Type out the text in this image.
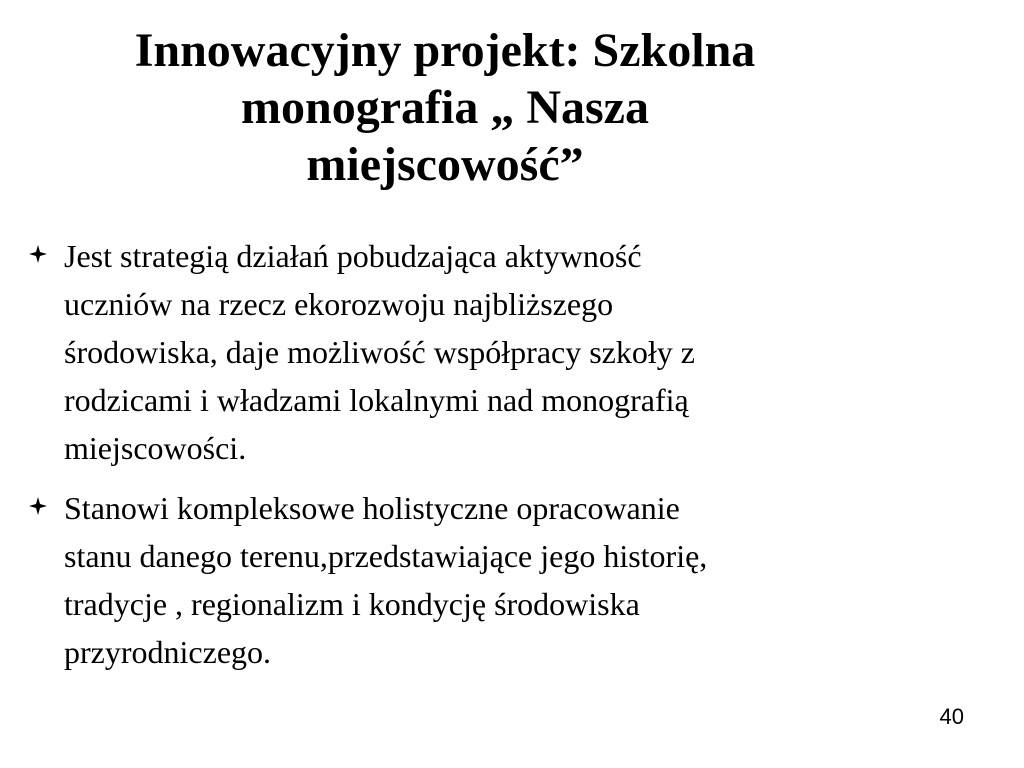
Innowacyjny projekt: Szkolna
monografia „ Nasza
miejscowość”
Jest strategią działań pobudzająca aktywność
uczniów na rzecz ekorozwoju najbliższego
środowiska, daje możliwość współpracy szkoły z
rodzicami i władzami lokalnymi nad monografią
miejscowości.
Stanowi kompleksowe holistyczne opracowanie
stanu danego terenu,przedstawiające jego historię,
tradycje , regionalizm i kondycję środowiska
przyrodniczego.
40
